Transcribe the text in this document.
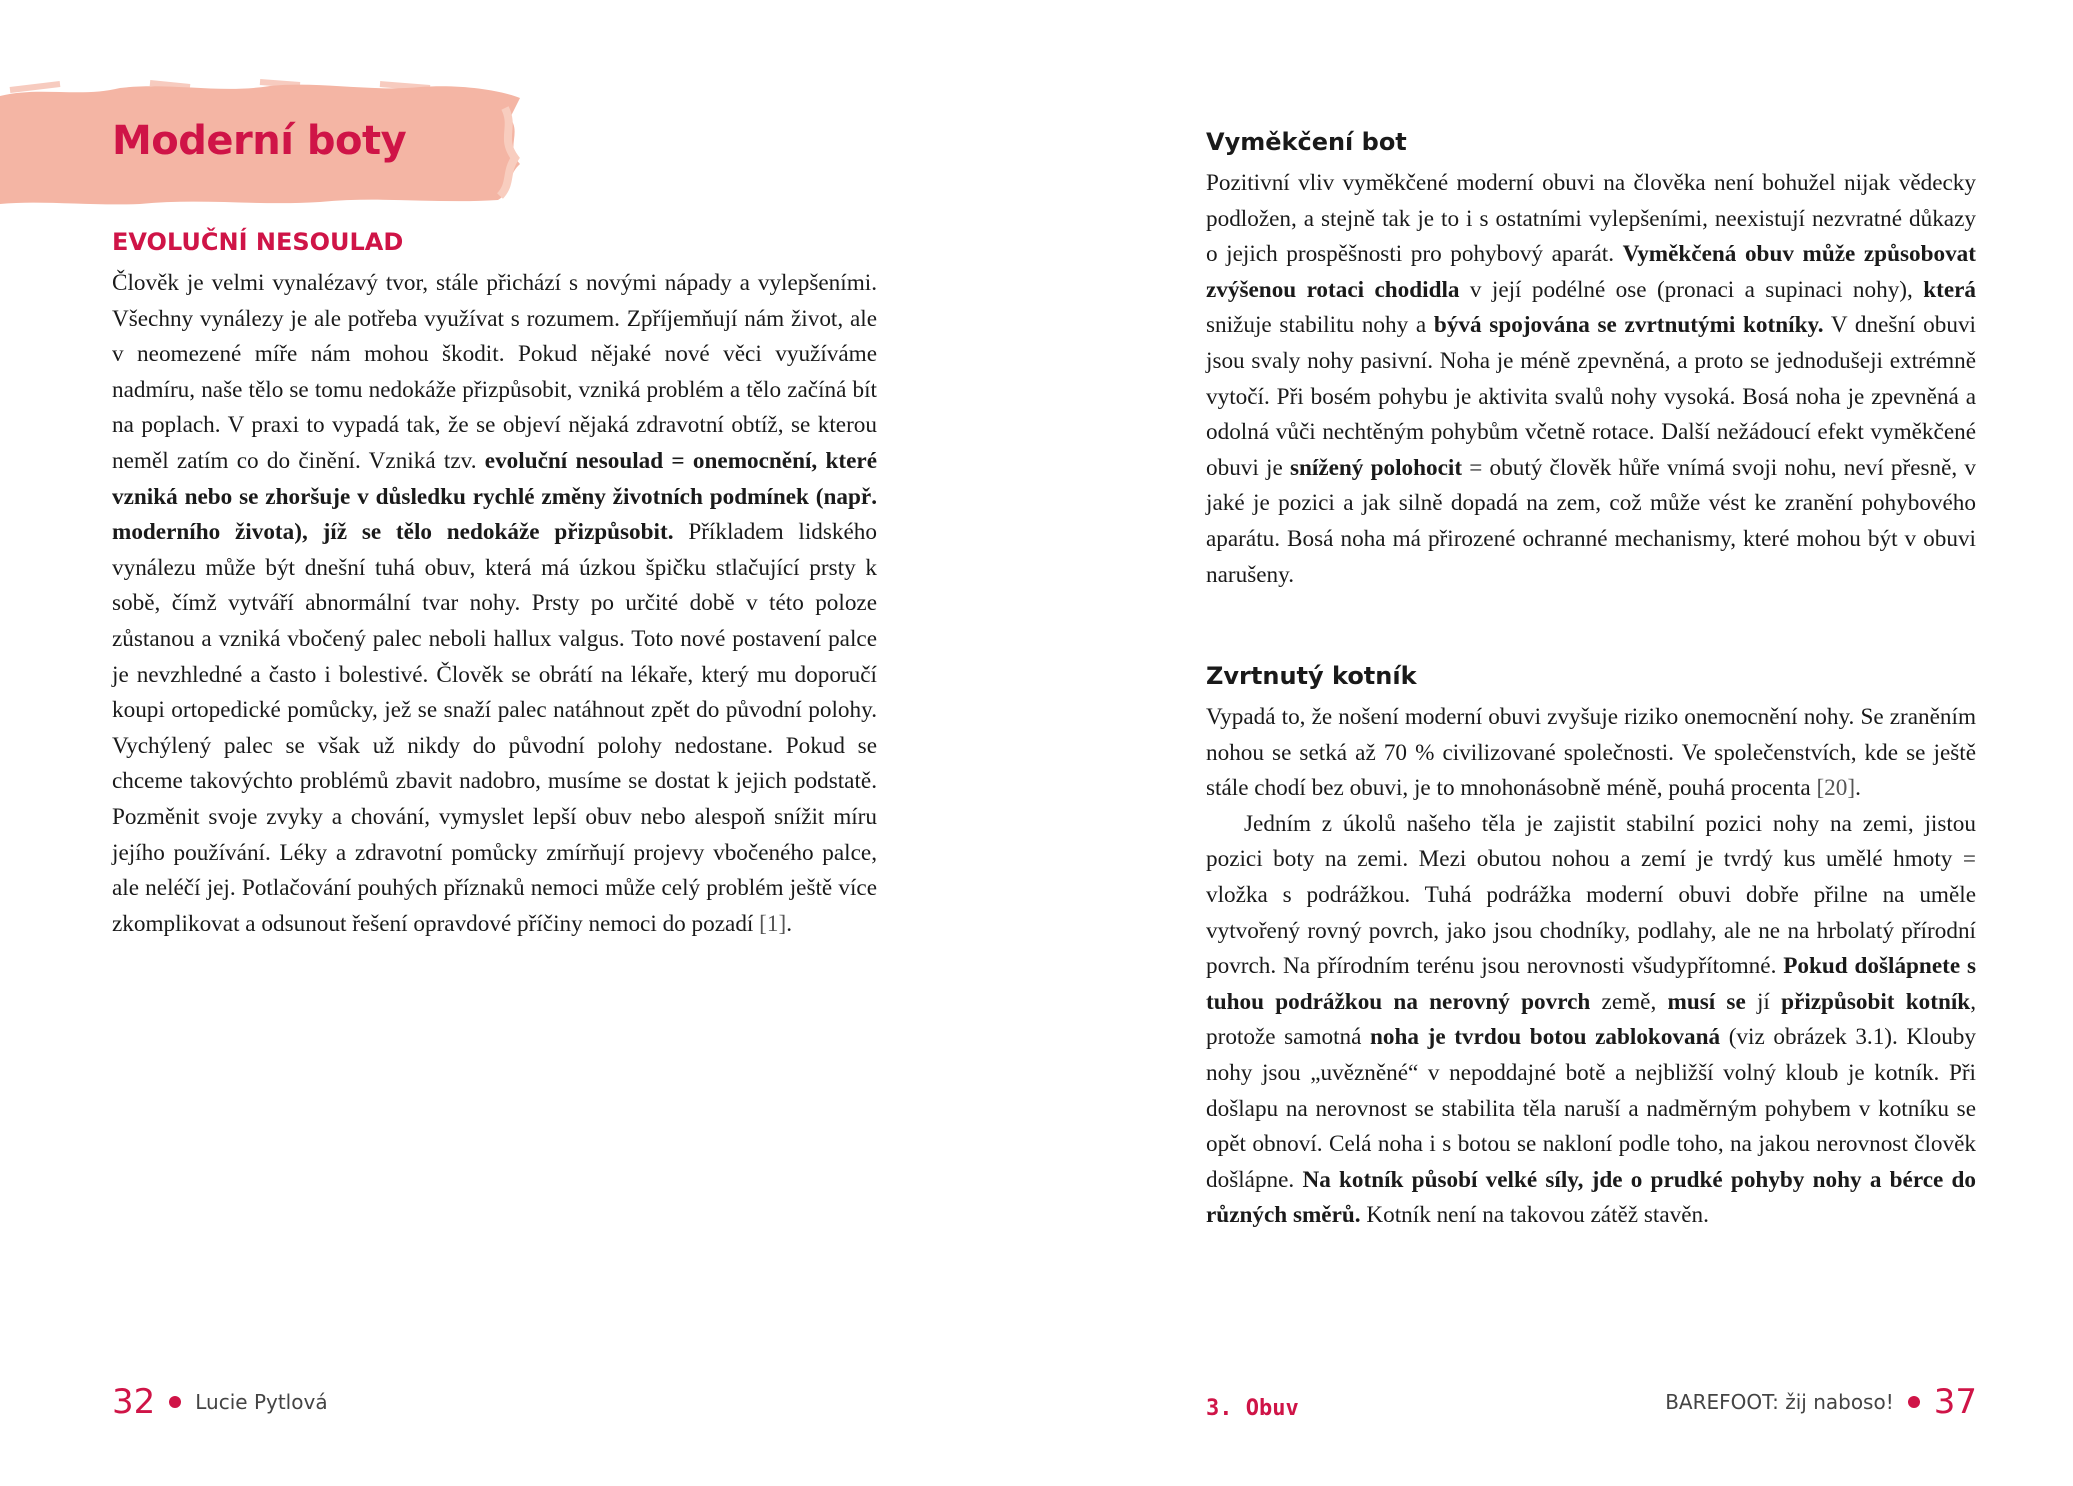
Moderní boty
EVOLUČNÍ NESOULAD

Člověk je velmi vynalézavý tvor, stále přichází s novými nápady a vylepšeními. Všechny vynálezy je ale potřeba využívat s rozumem. Zpříjemňují nám život, ale v neomezené míře nám mohou škodit. Pokud nějaké nové věci využíváme nadmíru, naše tělo se tomu nedokáže přizpůsobit, vzniká problém a tělo začíná bít na poplach. V praxi to vypadá tak, že se objeví nějaká zdravotní obtíž, se kterou neměl zatím co do činění. Vzniká tzv. evoluční nesoulad = onemocnění, které vzniká nebo se zhoršuje v důsledku rychlé změny životních podmínek (např. moderního života), jíž se tělo nedokáže přizpůsobit. Příkladem lidského vynálezu může být dnešní tuhá obuv, která má úzkou špičku stlačující prsty k sobě, čímž vytváří abnormální tvar nohy. Prsty po určité době v této poloze zůstanou a vzniká vbočený palec neboli hallux valgus. Toto nové postavení palce je nevzhledné a často i bolestivé. Člověk se obrátí na lékaře, který mu doporučí koupi ortopedické pomůcky, jež se snaží palec natáhnout zpět do původní polohy. Vychýlený palec se však už nikdy do původní polohy nedostane. Pokud se chceme takovýchto problémů zbavit nadobro, musíme se dostat k jejich podstatě. Pozměnit svoje zvyky a chování, vymyslet lepší obuv nebo alespoň snížit míru jejího používání. Léky a zdravotní pomůcky zmírňují projevy vbočeného palce, ale neléčí jej. Potlačování pouhých příznaků nemoci může celý problém ještě více zkomplikovat a odsunout řešení opravdové příčiny nemoci do pozadí [1].

32 Lucie Pytlová
Vyměkčení bot

Pozitivní vliv vyměkčené moderní obuvi na člověka není bohužel nijak vědecky podložen, a stejně tak je to i s ostatními vylepšeními, neexistují nezvratné důkazy o jejich prospěšnosti pro pohybový aparát. Vyměkčená obuv může způsobovat zvýšenou rotaci chodidla v její podélné ose (pronaci a supinaci nohy), která snižuje stabilitu nohy a bývá spojována se zvrtnutými kotníky. V dnešní obuvi jsou svaly nohy pasivní. Noha je méně zpevněná, a proto se jednodušeji extrémně vytočí. Při bosém pohybu je aktivita svalů nohy vysoká. Bosá noha je zpevněná a odolná vůči nechtěným pohybům včetně rotace. Další nežádoucí efekt vyměkčené obuvi je snížený polohocit = obutý člověk hůře vnímá svoji nohu, neví přesně, v jaké je pozici a jak silně dopadá na zem, což může vést ke zranění pohybového aparátu. Bosá noha má přirozené ochranné mechanismy, které mohou být v obuvi narušeny.

Zvrtnutý kotník

Vypadá to, že nošení moderní obuvi zvyšuje riziko onemocnění nohy. Se zraněním nohou se setká až 70 % civilizované společnosti. Ve společenstvích, kde se ještě stále chodí bez obuvi, je to mnohonásobně méně, pouhá procenta [20].

Jedním z úkolů našeho těla je zajistit stabilní pozici nohy na zemi, jistou pozici boty na zemi. Mezi obutou nohou a zemí je tvrdý kus umělé hmoty = vložka s podrážkou. Tuhá podrážka moderní obuvi dobře přilne na uměle vytvořený rovný povrch, jako jsou chodníky, podlahy, ale ne na hrbolatý přírodní povrch. Na přírodním terénu jsou nerovnosti všudypřítomné. Pokud došlápnete s tuhou podrážkou na nerovný povrch země, musí se jí přizpůsobit kotník, protože samotná noha je tvrdou botou zablokovaná (viz obrázek 3.1). Klouby nohy jsou „uvězněné“ v nepoddajné botě a nejbližší volný kloub je kotník. Při došlapu na nerovnost se stabilita těla naruší a nadměrným pohybem v kotníku se opět obnoví. Celá noha i s botou se nakloní podle toho, na jakou nerovnost člověk došlápne. Na kotník působí velké síly, jde o prudké pohyby nohy a bérce do různých směrů. Kotník není na takovou zátěž stavěn.

3. Obuv	BAREFOOT: žij naboso! 37
